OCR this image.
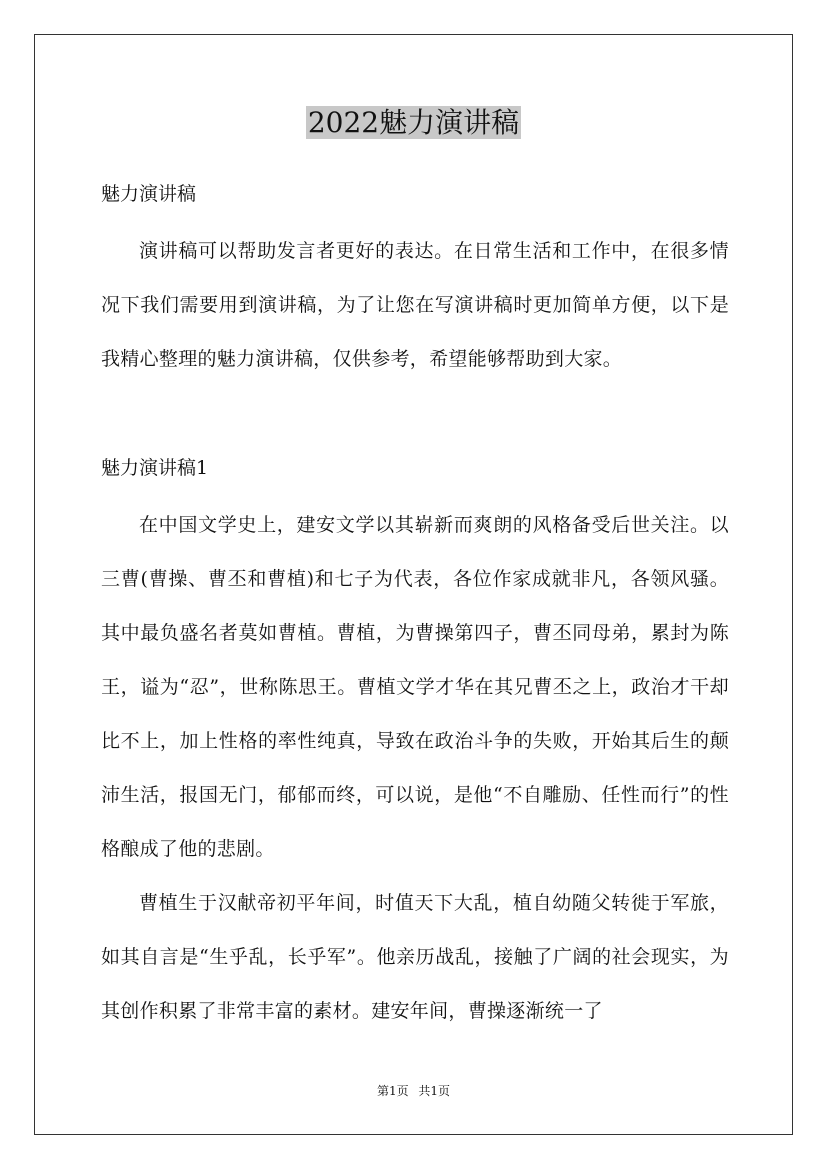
2022魅力演讲稿

魅力演讲稿

演讲稿可以帮助发言者更好的表达。在日常生活和工作中，在很多情况下我们需要用到演讲稿，为了让您在写演讲稿时更加简单方便，以下是我精心整理的魅力演讲稿，仅供参考，希望能够帮助到大家。

魅力演讲稿1

在中国文学史上，建安文学以其崭新而爽朗的风格备受后世关注。以三曹(曹操、曹丕和曹植)和七子为代表，各位作家成就非凡，各领风骚。其中最负盛名者莫如曹植。曹植，为曹操第四子，曹丕同母弟，累封为陈王，谥为“忍”，世称陈思王。曹植文学才华在其兄曹丕之上，政治才干却比不上，加上性格的率性纯真，导致在政治斗争的失败，开始其后生的颠沛生活，报国无门，郁郁而终，可以说，是他“不自雕励、任性而行”的性格酿成了他的悲剧。

曹植生于汉献帝初平年间，时值天下大乱，植自幼随父转徙于军旅，如其自言是“生乎乱，长乎军”。他亲历战乱，接触了广阔的社会现实，为其创作积累了非常丰富的素材。建安年间，曹操逐渐统一了

第1页 共1页
